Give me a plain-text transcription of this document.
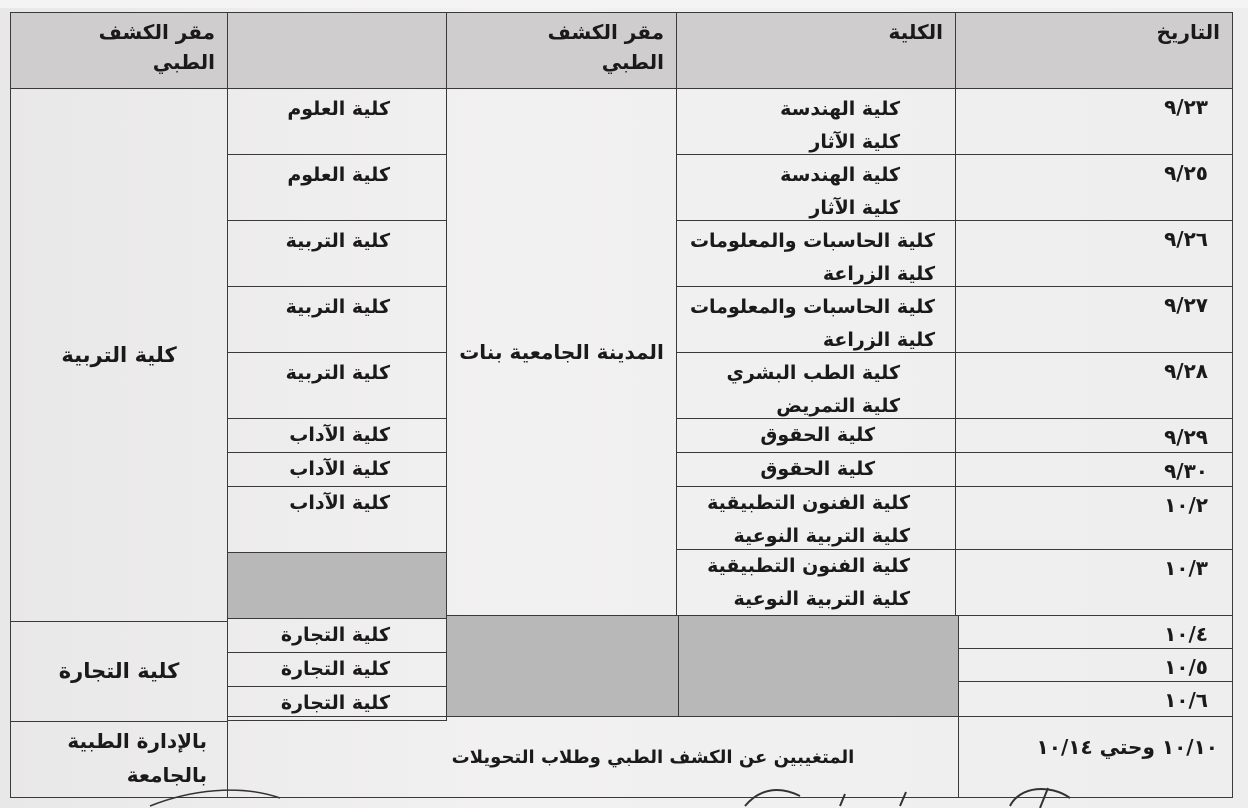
التاريخ
الكلية
مقر الكشف
الطبي
مقر الكشف
الطبي
٩/٢٣
٩/٢٥
٩/٢٦
٩/٢٧
٩/٢٨
٩/٢٩
٩/٣٠
١٠/٢
١٠/٣
١٠/٤
١٠/٥
١٠/٦
كلية الهندسة
كلية الآثار
كلية الهندسة
كلية الآثار
كلية الحاسبات والمعلومات
كلية الزراعة
كلية الحاسبات والمعلومات
كلية الزراعة
كلية الطب البشري
كلية التمريض
كلية الحقوق
كلية الحقوق
كلية الفنون التطبيقية
كلية التربية النوعية
كلية الفنون التطبيقية
كلية التربية النوعية
المدينة الجامعية بنات
كلية العلوم
كلية العلوم
كلية التربية
كلية التربية
كلية التربية
كلية الآداب
كلية الآداب
كلية الآداب
كلية التجارة
كلية التجارة
كلية التجارة
كلية التربية
كلية التجارة
١٠/١٠ وحتي ١٠/١٤
المتغيبين عن الكشف الطبي وطلاب التحويلات
بالإدارة الطبية
بالجامعة
